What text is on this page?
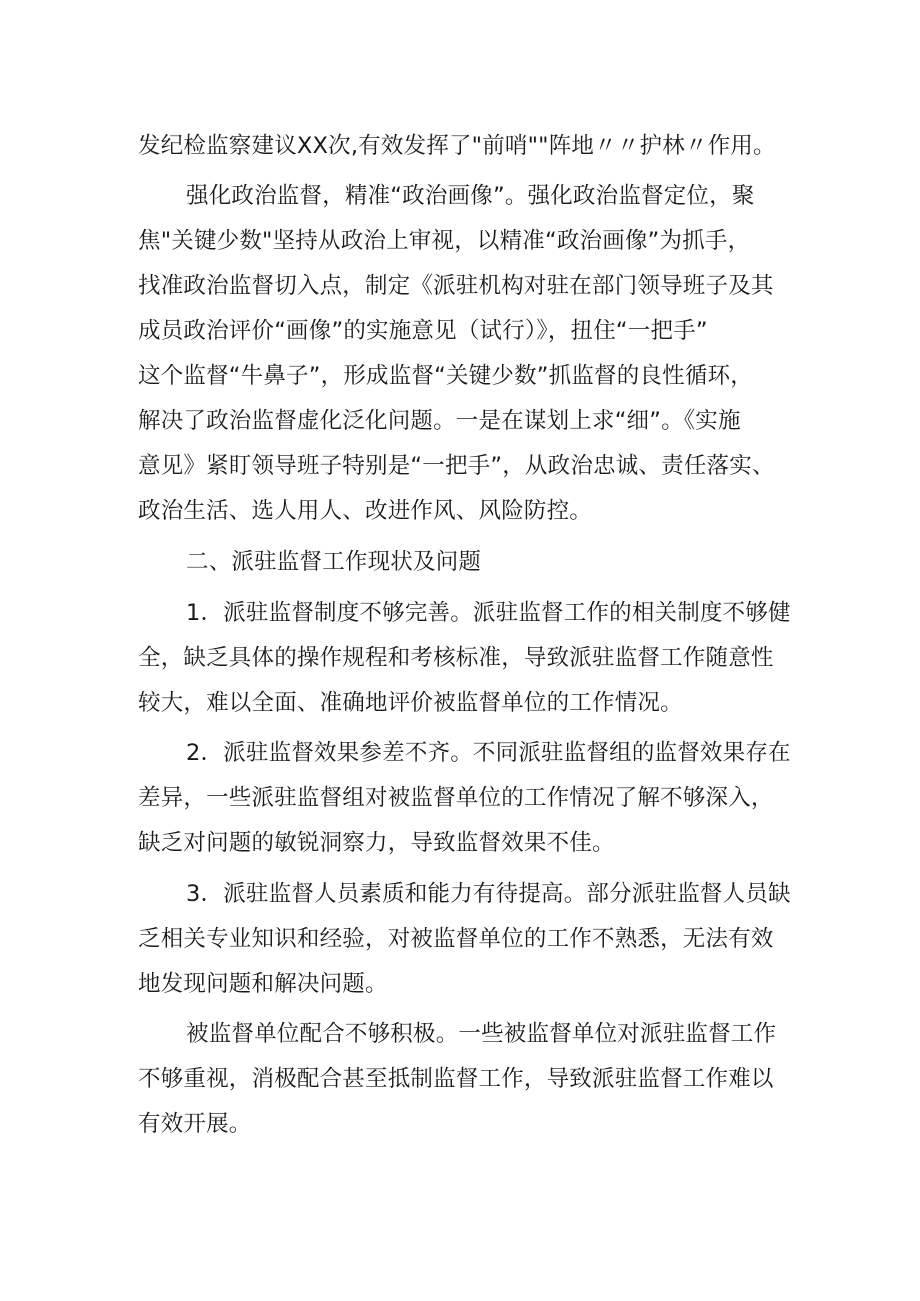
发纪检监察建议XX次,有效发挥了"前哨""阵地〃〃护林〃作用。
强化政治监督，精准“政治画像”。强化政治监督定位，聚
焦"关键少数"坚持从政治上审视，以精准“政治画像”为抓手，
找准政治监督切入点，制定《派驻机构对驻在部门领导班子及其
成员政治评价“画像”的实施意见（试行）》，扭住“一把手”
这个监督“牛鼻子”，形成监督“关键少数”抓监督的良性循环，
解决了政治监督虚化泛化问题。一是在谋划上求“细”。《实施
意见》紧盯领导班子特别是“一把手”，从政治忠诚、责任落实、
政治生活、选人用人、改进作风、风险防控。
二、派驻监督工作现状及问题
1．派驻监督制度不够完善。派驻监督工作的相关制度不够健
全，缺乏具体的操作规程和考核标准，导致派驻监督工作随意性
较大，难以全面、准确地评价被监督单位的工作情况。
2．派驻监督效果参差不齐。不同派驻监督组的监督效果存在
差异，一些派驻监督组对被监督单位的工作情况了解不够深入，
缺乏对问题的敏锐洞察力，导致监督效果不佳。
3．派驻监督人员素质和能力有待提高。部分派驻监督人员缺
乏相关专业知识和经验，对被监督单位的工作不熟悉，无法有效
地发现问题和解决问题。
被监督单位配合不够积极。一些被监督单位对派驻监督工作
不够重视，消极配合甚至抵制监督工作，导致派驻监督工作难以
有效开展。
